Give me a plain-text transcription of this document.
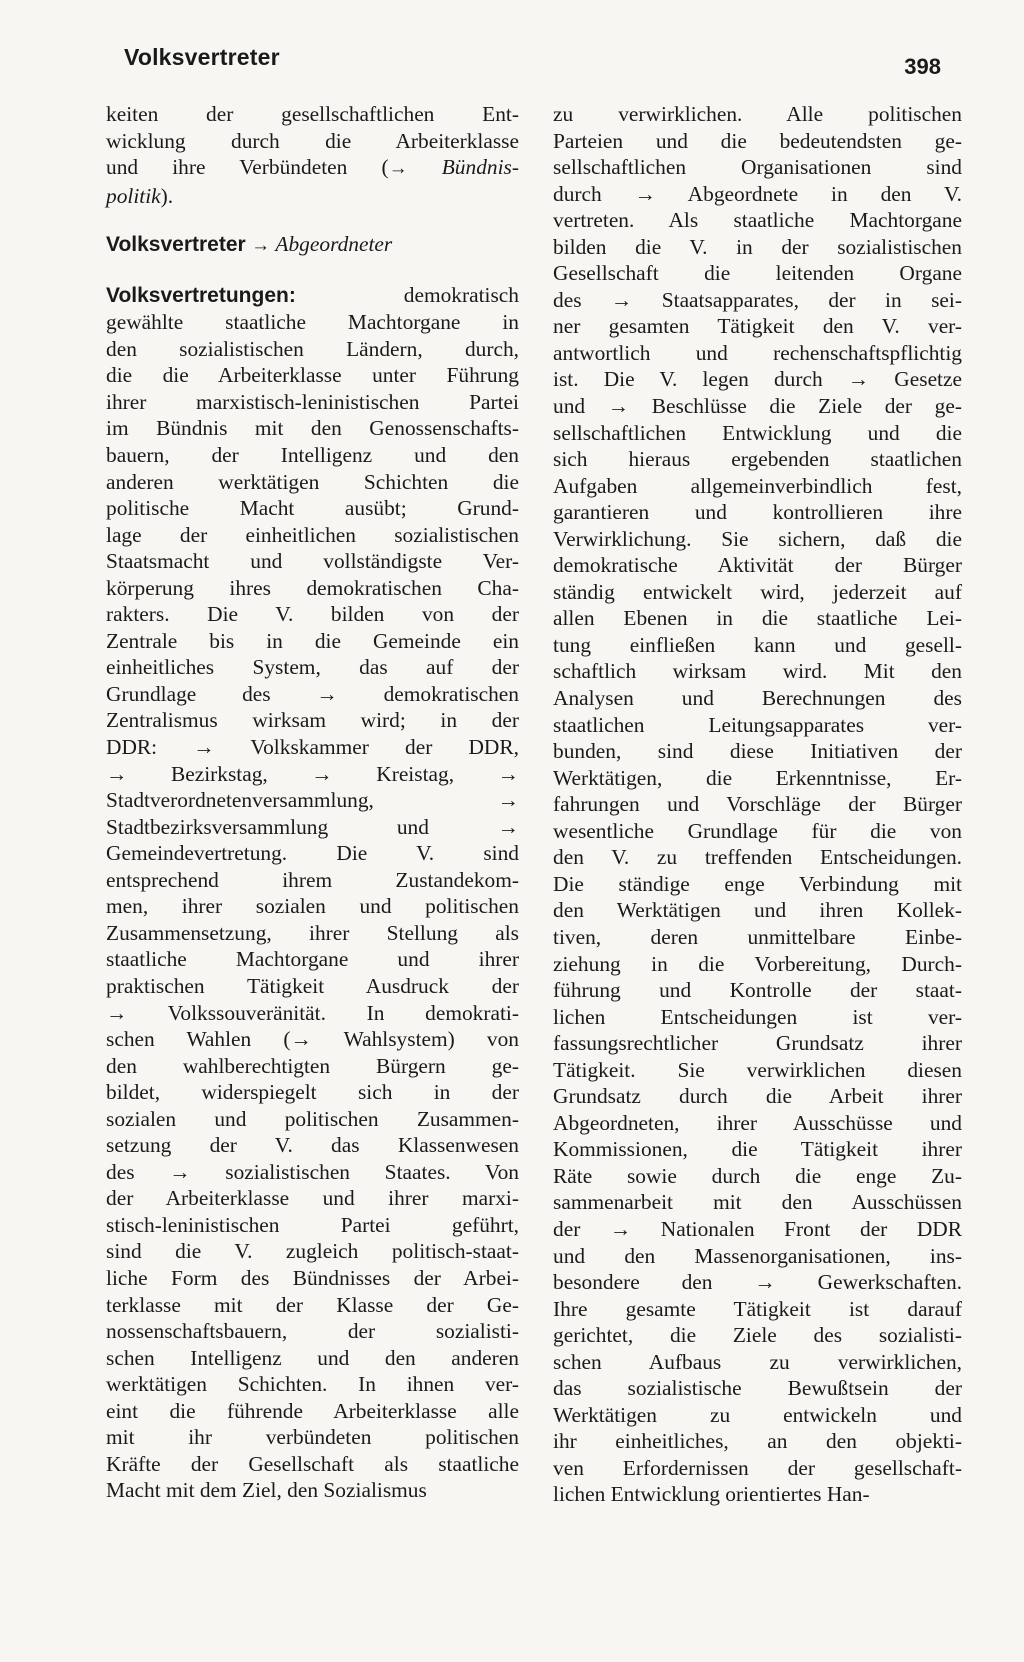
Volksvertreter	398
keiten der gesellschaftlichen Ent-
wicklung durch die Arbeiterklasse
und ihre Verbündeten (→ Bündnis-
politik).
Volksvertreter → Abgeordneter
Volksvertretungen:	demokratisch
gewählte staatliche Machtorgane in
den sozialistischen Ländern, durch,
die die Arbeiterklasse unter Führung
ihrer marxistisch-leninistischen Partei
im Bündnis mit den Genossenschafts-
bauern, der Intelligenz und den
anderen werktätigen Schichten die
politische Macht ausübt; Grund-
lage der einheitlichen sozialistischen
Staatsmacht und vollständigste Ver-
körperung ihres demokratischen Cha-
rakters. Die V. bilden von der
Zentrale bis in die Gemeinde ein
einheitliches System, das auf der
Grundlage des → demokratischen
Zentralismus wirksam wird; in der
DDR: → Volkskammer der DDR,
→ Bezirkstag, → Kreistag, →
Stadtverordnetenversammlung, →
Stadtbezirksversammlung und →
Gemeindevertretung. Die V. sind
entsprechend ihrem Zustandekom-
men, ihrer sozialen und politischen
Zusammensetzung, ihrer Stellung als
staatliche Machtorgane und ihrer
praktischen Tätigkeit Ausdruck der
→ Volkssouveränität. In demokrati-
schen Wahlen (→ Wahlsystem) von
den wahlberechtigten Bürgern ge-
bildet, widerspiegelt sich in der
sozialen und politischen Zusammen-
setzung der V. das Klassenwesen
des → sozialistischen Staates. Von
der Arbeiterklasse und ihrer marxi-
stisch-leninistischen Partei geführt,
sind die V. zugleich politisch-staat-
liche Form des Bündnisses der Arbei-
terklasse mit der Klasse der Ge-
nossenschaftsbauern, der sozialisti-
schen Intelligenz und den anderen
werktätigen Schichten. In ihnen ver-
eint die führende Arbeiterklasse alle
mit ihr verbündeten politischen
Kräfte der Gesellschaft als staatliche
Macht mit dem Ziel, den Sozialismus
zu verwirklichen. Alle politischen
Parteien und die bedeutendsten ge-
sellschaftlichen Organisationen sind
durch → Abgeordnete in den V.
vertreten. Als staatliche Machtorgane
bilden die V. in der sozialistischen
Gesellschaft die leitenden Organe
des → Staatsapparates, der in sei-
ner gesamten Tätigkeit den V. ver-
antwortlich und rechenschaftspflichtig
ist. Die V. legen durch → Gesetze
und → Beschlüsse die Ziele der ge-
sellschaftlichen Entwicklung und die
sich hieraus ergebenden staatlichen
Aufgaben allgemeinverbindlich fest,
garantieren und kontrollieren ihre
Verwirklichung. Sie sichern, daß die
demokratische Aktivität der Bürger
ständig entwickelt wird, jederzeit auf
allen Ebenen in die staatliche Lei-
tung einfließen kann und gesell-
schaftlich wirksam wird. Mit den
Analysen und Berechnungen des
staatlichen Leitungsapparates ver-
bunden, sind diese Initiativen der
Werktätigen, die Erkenntnisse, Er-
fahrungen und Vorschläge der Bürger
wesentliche Grundlage für die von
den V. zu treffenden Entscheidungen.
Die ständige enge Verbindung mit
den Werktätigen und ihren Kollek-
tiven, deren unmittelbare Einbe-
ziehung in die Vorbereitung, Durch-
führung und Kontrolle der staat-
lichen Entscheidungen ist ver-
fassungsrechtlicher Grundsatz ihrer
Tätigkeit. Sie verwirklichen diesen
Grundsatz durch die Arbeit ihrer
Abgeordneten, ihrer Ausschüsse und
Kommissionen, die Tätigkeit ihrer
Räte sowie durch die enge Zu-
sammenarbeit mit den Ausschüssen
der → Nationalen Front der DDR
und den Massenorganisationen, ins-
besondere den → Gewerkschaften.
Ihre gesamte Tätigkeit ist darauf
gerichtet, die Ziele des sozialisti-
schen Aufbaus zu verwirklichen,
das sozialistische Bewußtsein der
Werktätigen zu entwickeln und
ihr einheitliches, an den objekti-
ven Erfordernissen der gesellschaft-
lichen Entwicklung orientiertes Han-
